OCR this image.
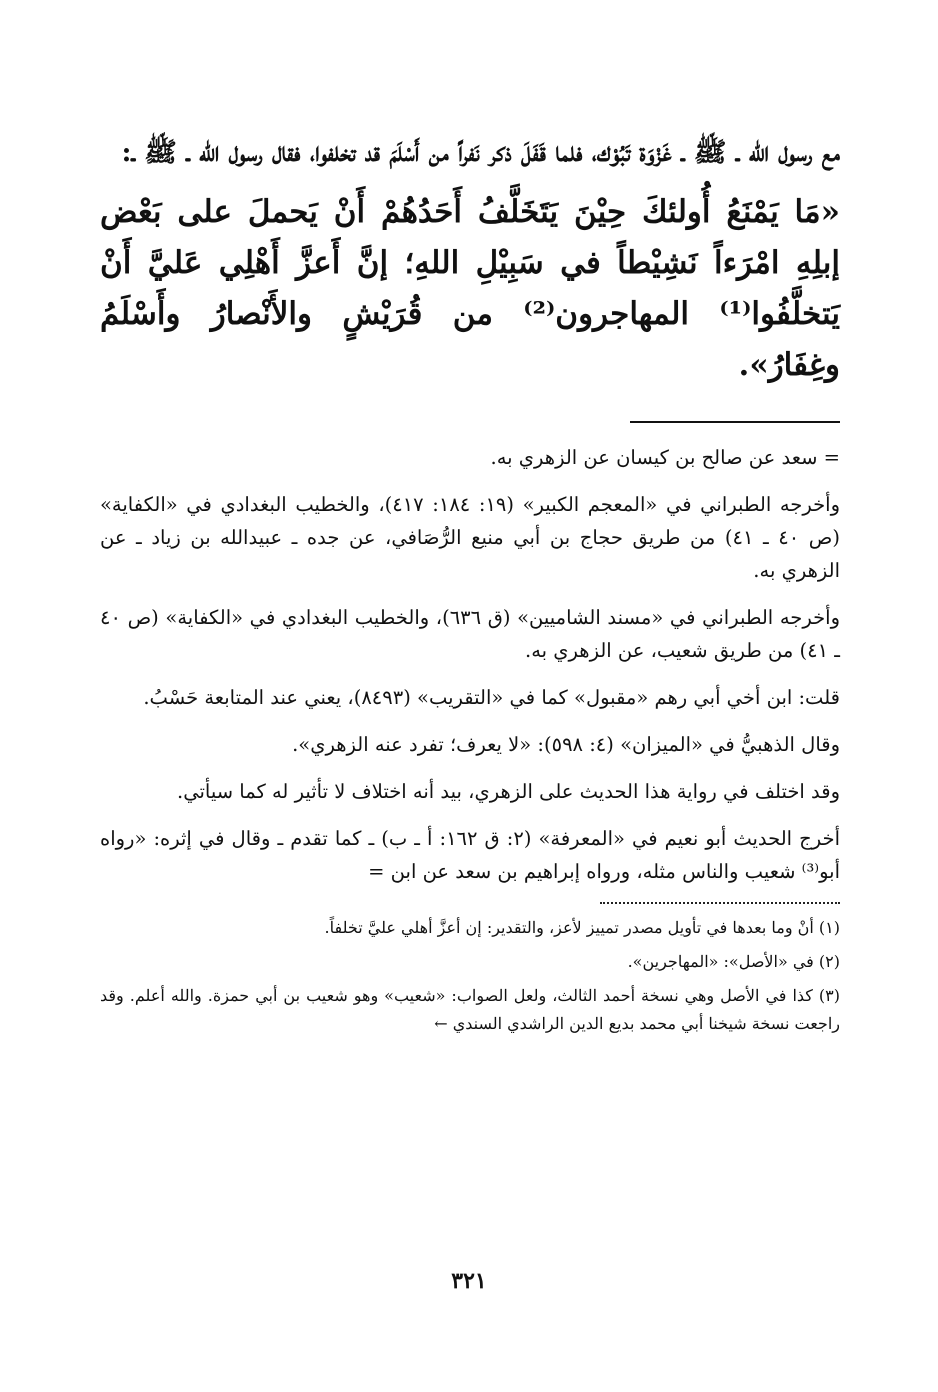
مع رسول الله ـ ﷺ ـ غَزْوَة تَبُوْك، فلما قَفَلَ ذكر نَفراً من أَسْلَمَ قد تخلفوا، فقال رسول الله ـ ﷺ ـ:

«مَا يَمْنَعُ أُولئكَ حِيْنَ يَتَخَلَّفُ أَحَدُهُمْ أَنْ يَحملَ على بَعْض إبلِهِ امْرَءاً نَشِيْطاً في سَبِيْلِ اللهِ؛ إنَّ أَعزَّ أَهْلِي عَليَّ أَنْ يَتخلَّفُوا⁽¹⁾ المهاجرون⁽²⁾ من قُرَيْشٍ والأَنْصارُ وأَسْلَمُ وغِفَارُ».

= سعد عن صالح بن كيسان عن الزهري به.

وأخرجه الطبراني في «المعجم الكبير» (١٩: ١٨٤: ٤١٧)، والخطيب البغدادي في «الكفاية» (ص ٤٠ ـ ٤١) من طريق حجاج بن أبي منيع الرُّصَافي، عن جده ـ عبيدالله بن زياد ـ عن الزهري به.

وأخرجه الطبراني في «مسند الشاميين» (ق ٦٣٦)، والخطيب البغدادي في «الكفاية» (ص ٤٠ ـ ٤١) من طريق شعيب، عن الزهري به.

قلت: ابن أخي أبي رهم «مقبول» كما في «التقريب» (٨٤٩٣)، يعني عند المتابعة حَسْبُ.

وقال الذهبيُّ في «الميزان» (٤: ٥٩٨): «لا يعرف؛ تفرد عنه الزهري».

وقد اختلف في رواية هذا الحديث على الزهري، بيد أنه اختلاف لا تأثير له كما سيأتي.

أخرج الحديث أبو نعيم في «المعرفة» (٢: ق ١٦٢: أ ـ ب) ـ كما تقدم ـ وقال في إثره: «رواه أبو⁽³⁾ شعيب والناس مثله، ورواه إبراهيم بن سعد عن ابن =

(١) أنْ وما بعدها في تأويل مصدر تمييز لأعز، والتقدير: إن أعزَّ أهلي عليَّ تخلفاً.

(٢) في «الأصل»: «المهاجرين».

(٣) كذا في الأصل وهي نسخة أحمد الثالث، ولعل الصواب: «شعيب» وهو شعيب بن أبي حمزة. والله أعلم. وقد راجعت نسخة شيخنا أبي محمد بديع الدين الراشدي السندي ←

٣٢١
